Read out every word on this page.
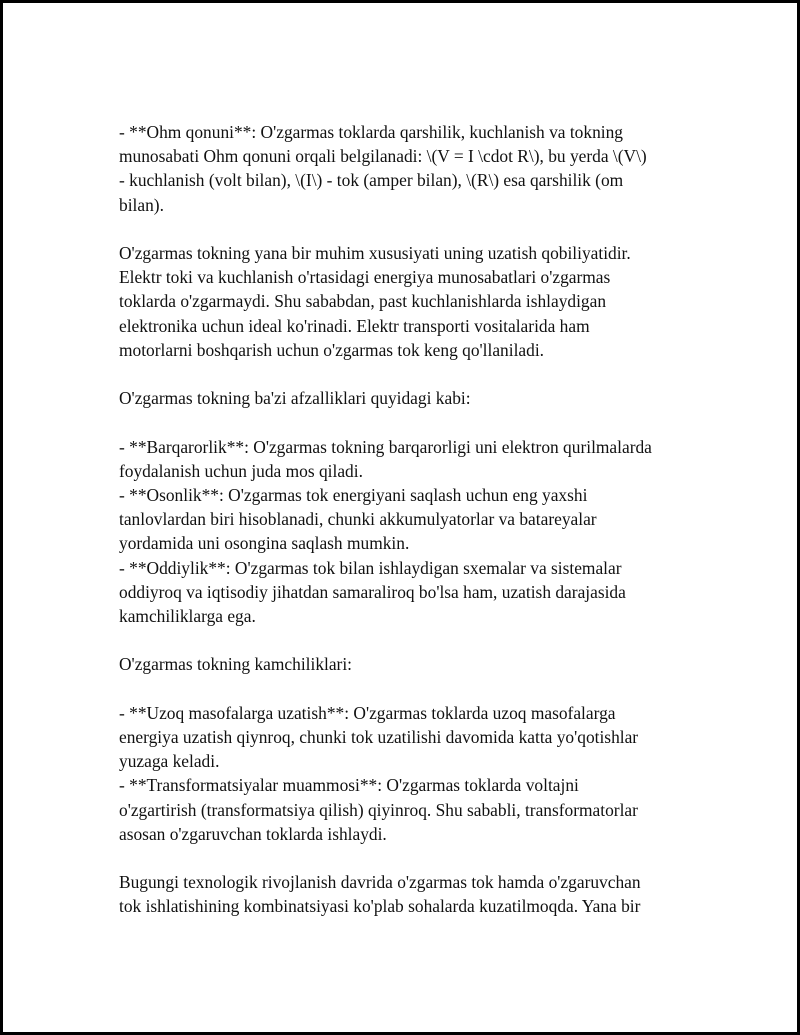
- **Ohm qonuni**: O'zgarmas toklarda qarshilik, kuchlanish va tokning
munosabati Ohm qonuni orqali belgilanadi: \(V = I \cdot R\), bu yerda \(V\)
- kuchlanish (volt bilan), \(I\) - tok (amper bilan), \(R\) esa qarshilik (om
bilan).

O'zgarmas tokning yana bir muhim xususiyati uning uzatish qobiliyatidir.
Elektr toki va kuchlanish o'rtasidagi energiya munosabatlari o'zgarmas
toklarda o'zgarmaydi. Shu sababdan, past kuchlanishlarda ishlaydigan
elektronika uchun ideal ko'rinadi. Elektr transporti vositalarida ham
motorlarni boshqarish uchun o'zgarmas tok keng qo'llaniladi.

O'zgarmas tokning ba'zi afzalliklari quyidagi kabi:

- **Barqarorlik**: O'zgarmas tokning barqarorligi uni elektron qurilmalarda
foydalanish uchun juda mos qiladi.
- **Osonlik**: O'zgarmas tok energiyani saqlash uchun eng yaxshi
tanlovlardan biri hisoblanadi, chunki akkumulyatorlar va batareyalar
yordamida uni osongina saqlash mumkin.
- **Oddiylik**: O'zgarmas tok bilan ishlaydigan sxemalar va sistemalar
oddiyroq va iqtisodiy jihatdan samaraliroq bo'lsa ham, uzatish darajasida
kamchiliklarga ega.

O'zgarmas tokning kamchiliklari:

- **Uzoq masofalarga uzatish**: O'zgarmas toklarda uzoq masofalarga
energiya uzatish qiynroq, chunki tok uzatilishi davomida katta yo'qotishlar
yuzaga keladi.
- **Transformatsiyalar muammosi**: O'zgarmas toklarda voltajni
o'zgartirish (transformatsiya qilish) qiyinroq. Shu sababli, transformatorlar
asosan o'zgaruvchan toklarda ishlaydi.

Bugungi texnologik rivojlanish davrida o'zgarmas tok hamda o'zgaruvchan
tok ishlatishining kombinatsiyasi ko'plab sohalarda kuzatilmoqda. Yana bir
